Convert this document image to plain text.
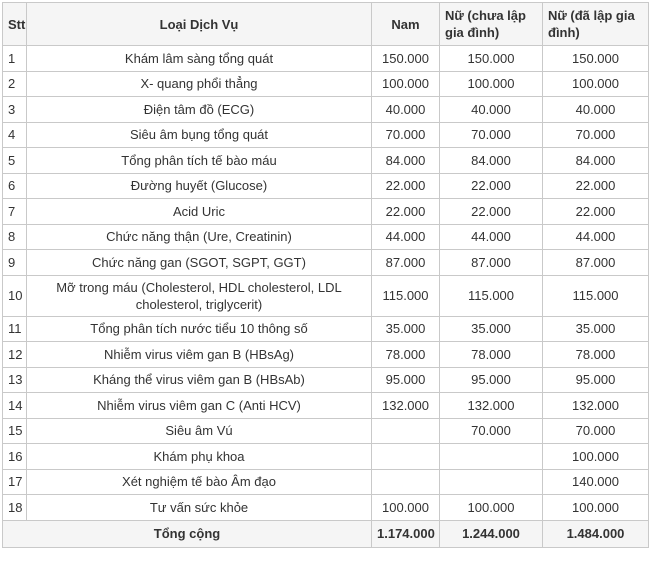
Stt	Loại Dịch Vụ	Nam	Nữ (chưa lập gia đình)	Nữ (đã lập gia đình)
1	Khám lâm sàng tổng quát	150.000	150.000	150.000
2	X- quang phổi thẳng	100.000	100.000	100.000
3	Điện tâm đồ (ECG)	40.000	40.000	40.000
4	Siêu âm bụng tổng quát	70.000	70.000	70.000
5	Tổng phân tích tế bào máu	84.000	84.000	84.000
6	Đường huyết (Glucose)	22.000	22.000	22.000
7	Acid Uric	22.000	22.000	22.000
8	Chức năng thận (Ure, Creatinin)	44.000	44.000	44.000
9	Chức năng gan (SGOT, SGPT, GGT)	87.000	87.000	87.000
10	Mỡ trong máu (Cholesterol, HDL cholesterol, LDL cholesterol, triglycerit)	115.000	115.000	115.000
11	Tổng phân tích nước tiểu 10 thông số	35.000	35.000	35.000
12	Nhiễm virus viêm gan B (HBsAg)	78.000	78.000	78.000
13	Kháng thể virus viêm gan B (HBsAb)	95.000	95.000	95.000
14	Nhiễm virus viêm gan C (Anti HCV)	132.000	132.000	132.000
15	Siêu âm Vú		70.000	70.000
16	Khám phụ khoa			100.000
17	Xét nghiệm tế bào Âm đạo			140.000
18	Tư vấn sức khỏe	100.000	100.000	100.000
Tổng cộng		1.174.000	1.244.000	1.484.000
